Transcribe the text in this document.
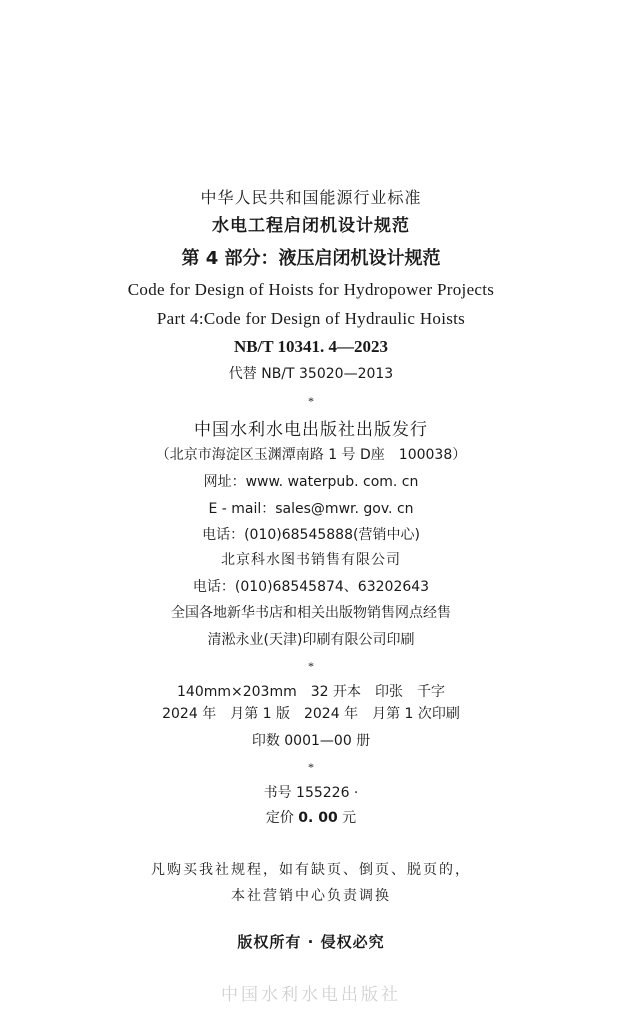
中华人民共和国能源行业标准
水电工程启闭机设计规范
第 4 部分：液压启闭机设计规范
Code for Design of Hoists for Hydropower Projects
Part 4:Code for Design of Hydraulic Hoists
NB/T 10341. 4—2023
代替 NB/T 35020—2013
*
中国水利水电出版社出版发行
（北京市海淀区玉渊潭南路 1 号 D座　100038）
网址：www. waterpub. com. cn
E - mail：sales@mwr. gov. cn
电话：(010)68545888(营销中心)
北京科水图书销售有限公司
电话：(010)68545874、63202643
全国各地新华书店和相关出版物销售网点经售
清淞永业(天津)印刷有限公司印刷
*
140mm×203mm　32 开本　印张　千字
2024 年　月第 1 版　2024 年　月第 1 次印刷
印数 0001—00 册
*
书号 155226 ·
定价 0. 00 元
凡购买我社规程，如有缺页、倒页、脱页的，
本社营销中心负责调换
版权所有 · 侵权必究
中国水利水电出版社
